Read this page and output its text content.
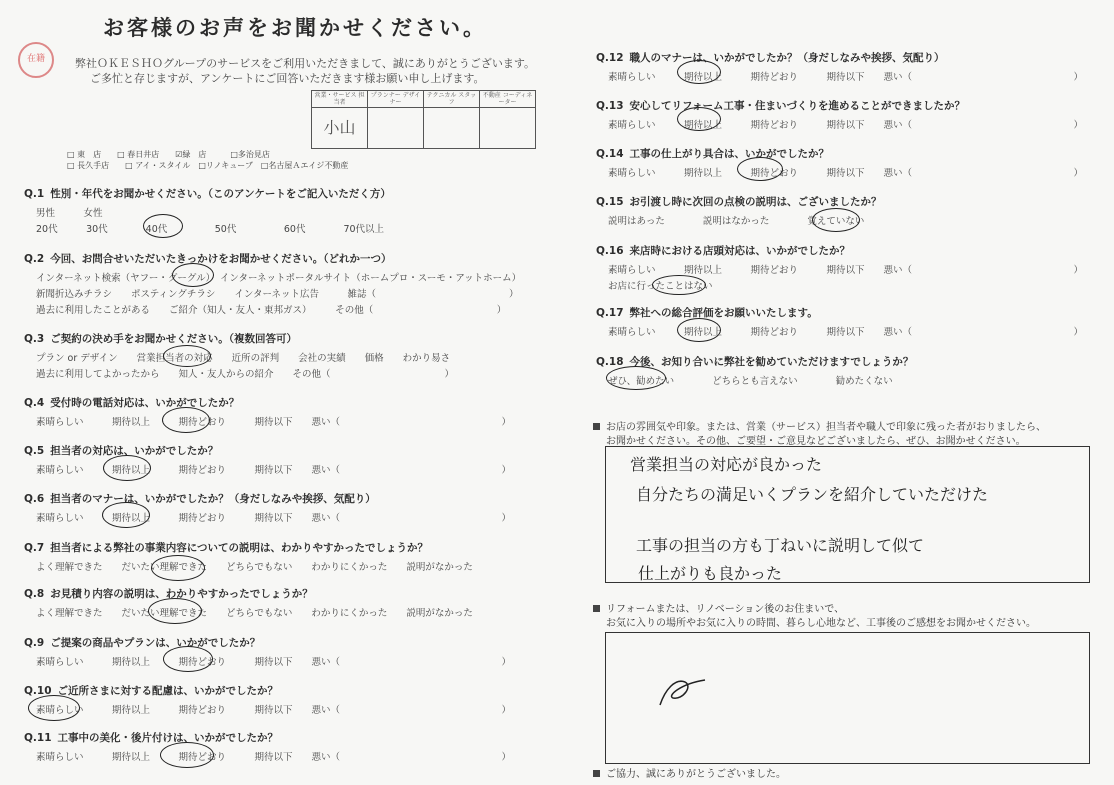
お客様のお声をお聞かせください。
在籍	弊社ＯＫＥＳＨＯグループのサービスをご利用いただきまして、誠にありがとうございます。
ご多忙と存じますが、アンケートにご回答いただきます様お願い申し上げます。
営業・サービス 担当者	プランナー デザイナー	テクニカル スタッフ	不動産 コーディネーター
小山			
□ 東　店　　□ 春日井店　　☑緑　店　　　□多治見店
□ 長久手店　　□ アイ・スタイル　□リノキューブ　□名古屋Ａエイジ不動産
Q.1 性別・年代をお聞かせください。（このアンケートをご記入いただく方）
男性　　　女性
20代　　　30代　　　　40代　　　　　50代　　　　　60代　　　　70代以上
Q.2 今回、お問合せいただいたきっかけをお聞かせください。（どれか一つ）
インターネット検索（ヤフー・グーグル）　インターネットポータルサイト（ホームプロ・スーモ・アットホーム）
新聞折込みチラシ　　ポスティングチラシ　　インターネット広告　　　雑誌（　　　　　　　　　　　　　　）
過去に利用したことがある　　ご紹介（知人・友人・東邦ガス）　　　その他（　　　　　　　　　　　　　）
Q.3 ご契約の決め手をお聞かせください。（複数回答可）
プラン or デザイン　　営業担当者の対応　　近所の評判　　会社の実績　　価格　　わかり易さ
過去に利用してよかったから　　知人・友人からの紹介　　その他（　　　　　　　　　　　　）
Q.4 受付時の電話対応は、いかがでしたか？
素晴らしい　　　期待以上　　　期待どおり　　　期待以下　　悪い（　　　　　　　　　　　　　　　　　）
Q.5 担当者の対応は、いかがでしたか？
素晴らしい　　　期待以上　　　期待どおり　　　期待以下　　悪い（　　　　　　　　　　　　　　　　　）
Q.6 担当者のマナーは、いかがでしたか？（身だしなみや挨拶、気配り）
素晴らしい　　　期待以上　　　期待どおり　　　期待以下　　悪い（　　　　　　　　　　　　　　　　　）
Q.7 担当者による弊社の事業内容についての説明は、わかりやすかったでしょうか？
よく理解できた　　だいたい理解できた　　どちらでもない　　わかりにくかった　　説明がなかった
Q.8 お見積り内容の説明は、わかりやすかったでしょうか？
よく理解できた　　だいたい理解できた　　どちらでもない　　わかりにくかった　　説明がなかった
Q.9 ご提案の商品やプランは、いかがでしたか？
素晴らしい　　　期待以上　　　期待どおり　　　期待以下　　悪い（　　　　　　　　　　　　　　　　　）
Q.10 ご近所さまに対する配慮は、いかがでしたか？
素晴らしい　　　期待以上　　　期待どおり　　　期待以下　　悪い（　　　　　　　　　　　　　　　　　）
Q.11 工事中の美化・後片付けは、いかがでしたか？
素晴らしい　　　期待以上　　　期待どおり　　　期待以下　　悪い（　　　　　　　　　　　　　　　　　）
Q.12 職人のマナーは、いかがでしたか？（身だしなみや挨拶、気配り）
素晴らしい　　　期待以上　　　期待どおり　　　期待以下　　悪い（　　　　　　　　　　　　　　　　　）
Q.13 安心してリフォーム工事・住まいづくりを進めることができましたか？
素晴らしい　　　期待以上　　　期待どおり　　　期待以下　　悪い（　　　　　　　　　　　　　　　　　）
Q.14 工事の仕上がり具合は、いかがでしたか？
素晴らしい　　　期待以上　　　期待どおり　　　期待以下　　悪い（　　　　　　　　　　　　　　　　　）
Q.15 お引渡し時に次回の点検の説明は、ございましたか？
説明はあった　　　　説明はなかった　　　　覚えていない
Q.16 来店時における店頭対応は、いかがでしたか？
素晴らしい　　　期待以上　　　期待どおり　　　期待以下　　悪い（　　　　　　　　　　　　　　　　　）
お店に行ったことはない
Q.17 弊社への総合評価をお願いいたします。
素晴らしい　　　期待以上　　　期待どおり　　　期待以下　　悪い（　　　　　　　　　　　　　　　　　）
Q.18 今後、お知り合いに弊社を勧めていただけますでしょうか？
ぜひ、勧めたい　　　　どちらとも言えない　　　　勧めたくない
お店の雰囲気や印象。または、営業（サービス）担当者や職人で印象に残った者がおりましたら、
お聞かせください。その他、ご要望・ご意見などございましたら、ぜひ、お聞かせください。
営業担当の対応が良かった
自分たちの満足いくプランを紹介していただけた
工事の担当の方も丁ねいに説明して似て
仕上がりも良かった
リフォームまたは、リノベーション後のお住まいで、
お気に入りの場所やお気に入りの時間、暮らし心地など、工事後のご感想をお聞かせください。
ご協力、誠にありがとうございました。
